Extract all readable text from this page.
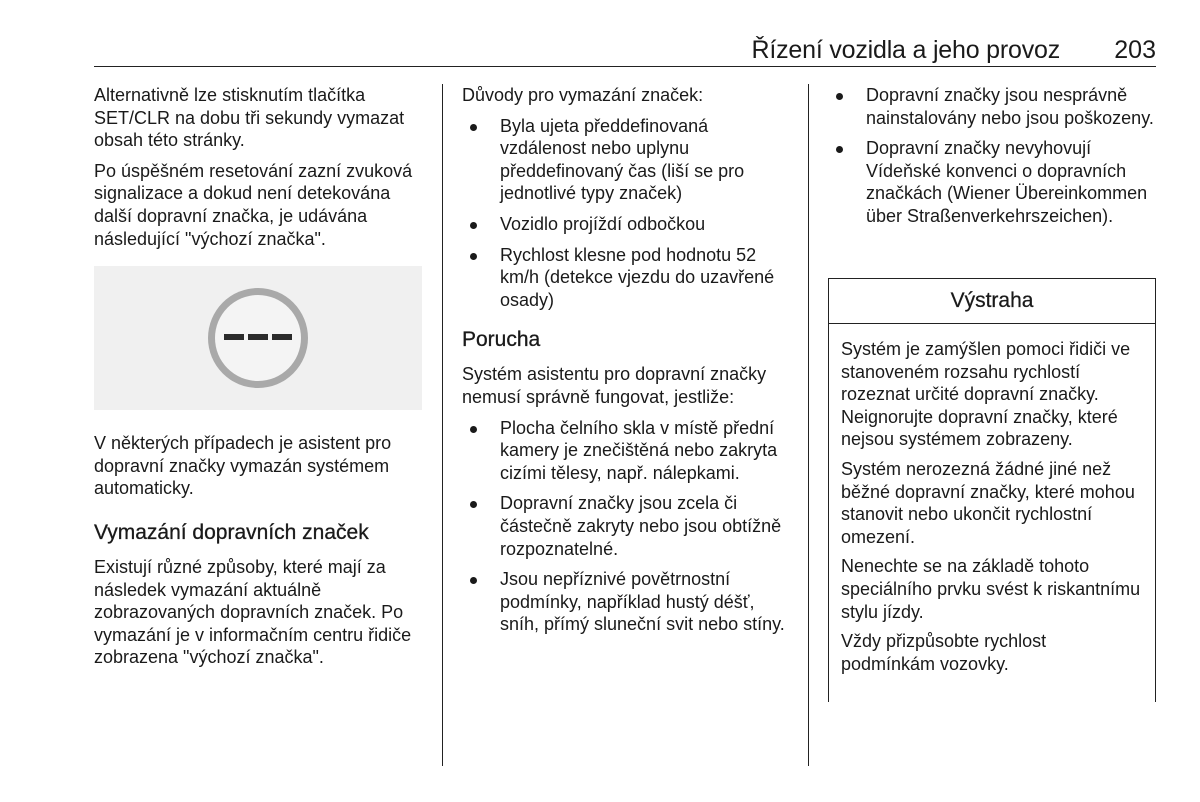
Řízení vozidla a jeho provoz 203

Alternativně lze stisknutím tlačítka SET/CLR na dobu tři sekundy vymazat obsah této stránky.

Po úspěšném resetování zazní zvuková signalizace a dokud není detekována další dopravní značka, je udávána následující "výchozí značka".

V některých případech je asistent pro dopravní značky vymazán systémem automaticky.

Vymazání dopravních značek

Existují různé způsoby, které mají za následek vymazání aktuálně zobrazovaných dopravních značek. Po vymazání je v informačním centru řidiče zobrazena "výchozí značka".

Důvody pro vymazání značek:

Byla ujeta předdefinovaná vzdálenost nebo uplynu předdefinovaný čas (liší se pro jednotlivé typy značek)
Vozidlo projíždí odbočkou
Rychlost klesne pod hodnotu 52 km/h (detekce vjezdu do uzavřené osady)
Porucha

Systém asistentu pro dopravní značky nemusí správně fungovat, jestliže:

Plocha čelního skla v místě přední kamery je znečištěná nebo zakryta cizími tělesy, např. nálepkami.
Dopravní značky jsou zcela či částečně zakryty nebo jsou obtížně rozpoznatelné.
Jsou nepříznivé povětrnostní podmínky, například hustý déšť, sníh, přímý sluneční svit nebo stíny.
Dopravní značky jsou nesprávně nainstalovány nebo jsou poškozeny.
Dopravní značky nevyhovují Vídeňské konvenci o dopravních značkách (Wiener Übereinkommen über Straßenverkehrszeichen).
Výstraha

Systém je zamýšlen pomoci řidiči ve stanoveném rozsahu rychlostí rozeznat určité dopravní značky. Neignorujte dopravní značky, které nejsou systémem zobrazeny.

Systém nerozezná žádné jiné než běžné dopravní značky, které mohou stanovit nebo ukončit rychlostní omezení.

Nenechte se na základě tohoto speciálního prvku svést k riskantnímu stylu jízdy.

Vždy přizpůsobte rychlost podmínkám vozovky.
